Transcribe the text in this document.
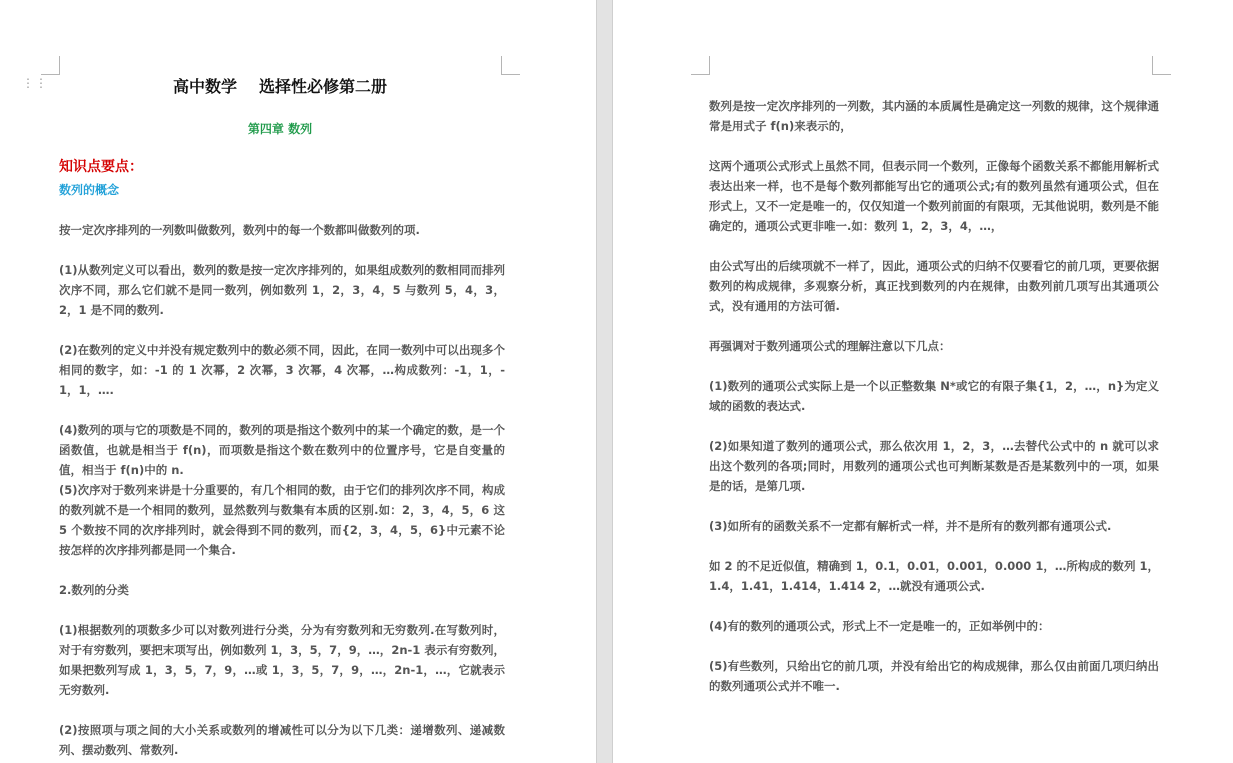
⋮⋮	高中数学 选择性必修第二册
第四章 数列
知识点要点：
数列的概念

按一定次序排列的一列数叫做数列，数列中的每一个数都叫做数列的项.

(1)从数列定义可以看出，数列的数是按一定次序排列的，如果组成数列的数相同而排列次序不同，那么它们就不是同一数列，例如数列 1，2，3，4，5 与数列 5，4，3，2，1 是不同的数列.

(2)在数列的定义中并没有规定数列中的数必须不同，因此，在同一数列中可以出现多个相同的数字，如：-1 的 1 次幂，2 次幂，3 次幂，4 次幂，…构成数列：-1，1，-1，1，….

(4)数列的项与它的项数是不同的，数列的项是指这个数列中的某一个确定的数，是一个函数值，也就是相当于 f(n)，而项数是指这个数在数列中的位置序号，它是自变量的值，相当于 f(n)中的 n.

(5)次序对于数列来讲是十分重要的，有几个相同的数，由于它们的排列次序不同，构成的数列就不是一个相同的数列，显然数列与数集有本质的区别.如：2，3，4，5，6 这 5 个数按不同的次序排列时，就会得到不同的数列，而{2，3，4，5，6}中元素不论按怎样的次序排列都是同一个集合.

2.数列的分类

(1)根据数列的项数多少可以对数列进行分类，分为有穷数列和无穷数列.在写数列时，对于有穷数列，要把末项写出，例如数列 1，3，5，7，9，…，2n-1 表示有穷数列，如果把数列写成 1，3，5，7，9，…或 1，3，5，7，9，…，2n-1，…，它就表示无穷数列.

(2)按照项与项之间的大小关系或数列的增减性可以分为以下几类：递增数列、递减数列、摆动数列、常数列.

数列是按一定次序排列的一列数，其内涵的本质属性是确定这一列数的规律，这个规律通常是用式子 f(n)来表示的，

这两个通项公式形式上虽然不同，但表示同一个数列，正像每个函数关系不都能用解析式表达出来一样，也不是每个数列都能写出它的通项公式;有的数列虽然有通项公式，但在形式上，又不一定是唯一的，仅仅知道一个数列前面的有限项，无其他说明，数列是不能确定的，通项公式更非唯一.如：数列 1，2，3，4，…，

由公式写出的后续项就不一样了，因此，通项公式的归纳不仅要看它的前几项，更要依据数列的构成规律，多观察分析，真正找到数列的内在规律，由数列前几项写出其通项公式，没有通用的方法可循.

再强调对于数列通项公式的理解注意以下几点：

(1)数列的通项公式实际上是一个以正整数集 N*或它的有限子集{1，2，…，n}为定义域的函数的表达式.

(2)如果知道了数列的通项公式，那么依次用 1，2，3，…去替代公式中的 n 就可以求出这个数列的各项;同时，用数列的通项公式也可判断某数是否是某数列中的一项，如果是的话，是第几项.

(3)如所有的函数关系不一定都有解析式一样，并不是所有的数列都有通项公式.

如 2 的不足近似值，精确到 1，0.1，0.01，0.001，0.000 1，…所构成的数列 1，1.4，1.41，1.414，1.414 2，…就没有通项公式.

(4)有的数列的通项公式，形式上不一定是唯一的，正如举例中的：

(5)有些数列，只给出它的前几项，并没有给出它的构成规律，那么仅由前面几项归纳出的数列通项公式并不唯一.
